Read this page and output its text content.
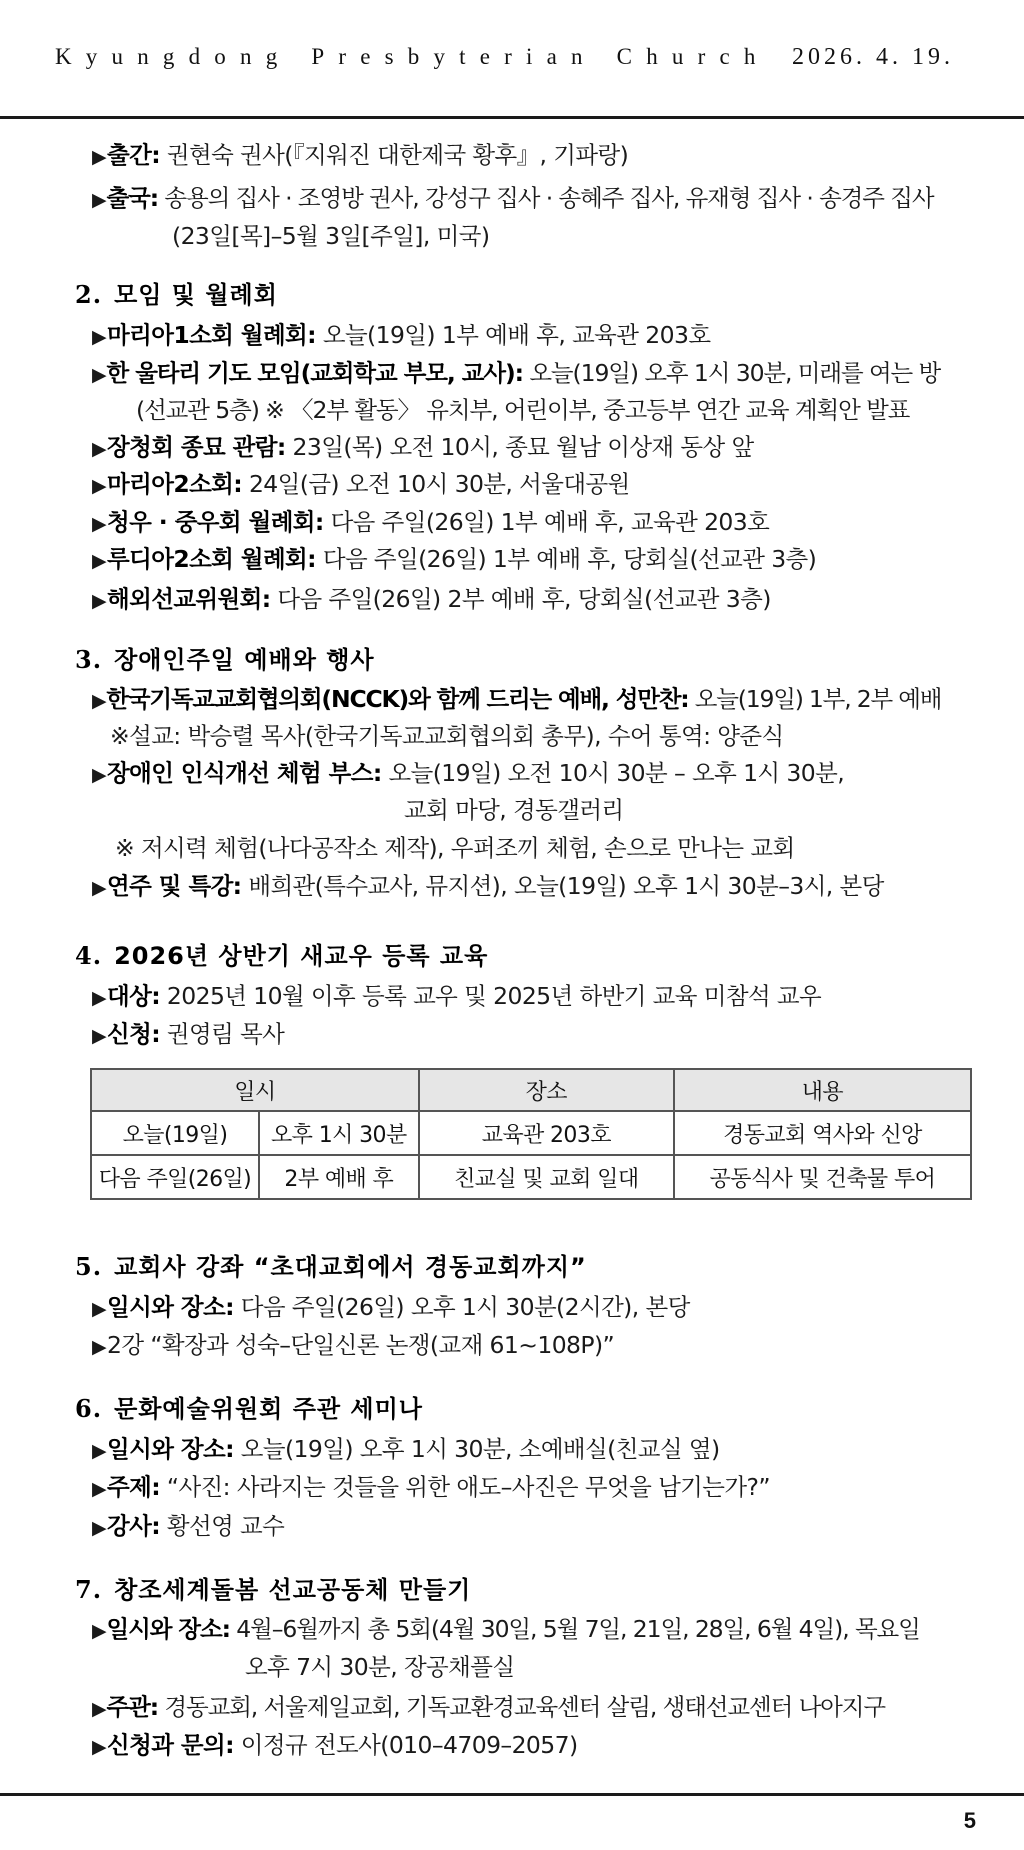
Kyungdong Presbyterian Church 2026. 4. 19.
▶출간: 권현숙 권사(『지워진 대한제국 황후』, 기파랑)
▶출국: 송용의 집사 · 조영방 권사, 강성구 집사 · 송혜주 집사, 유재형 집사 · 송경주 집사
(23일[목]–5월 3일[주일], 미국)
2. 모임 및 월례회
▶마리아1소회 월례회: 오늘(19일) 1부 예배 후, 교육관 203호
▶한 울타리 기도 모임(교회학교 부모, 교사): 오늘(19일) 오후 1시 30분, 미래를 여는 방
(선교관 5층) ※ 〈2부 활동〉 유치부, 어린이부, 중고등부 연간 교육 계획안 발표
▶장청회 종묘 관람: 23일(목) 오전 10시, 종묘 월남 이상재 동상 앞
▶마리아2소회: 24일(금) 오전 10시 30분, 서울대공원
▶청우 · 중우회 월례회: 다음 주일(26일) 1부 예배 후, 교육관 203호
▶루디아2소회 월례회: 다음 주일(26일) 1부 예배 후, 당회실(선교관 3층)
▶해외선교위원회: 다음 주일(26일) 2부 예배 후, 당회실(선교관 3층)
3. 장애인주일 예배와 행사
▶한국기독교교회협의회(NCCK)와 함께 드리는 예배, 성만찬: 오늘(19일) 1부, 2부 예배
※설교: 박승렬 목사(한국기독교교회협의회 총무), 수어 통역: 양준식
▶장애인 인식개선 체험 부스: 오늘(19일) 오전 10시 30분 – 오후 1시 30분,
교회 마당, 경동갤러리
※ 저시력 체험(나다공작소 제작), 우퍼조끼 체험, 손으로 만나는 교회
▶연주 및 특강: 배희관(특수교사, 뮤지션), 오늘(19일) 오후 1시 30분–3시, 본당
4. 2026년 상반기 새교우 등록 교육
▶대상: 2025년 10월 이후 등록 교우 및 2025년 하반기 교육 미참석 교우
▶신청: 권영림 목사
일시		장소	내용
오늘(19일)	오후 1시 30분	교육관 203호	경동교회 역사와 신앙
다음 주일(26일)	2부 예배 후	친교실 및 교회 일대	공동식사 및 건축물 투어
5. 교회사 강좌 “초대교회에서 경동교회까지”
▶일시와 장소: 다음 주일(26일) 오후 1시 30분(2시간), 본당
▶2강 “확장과 성숙–단일신론 논쟁(교재 61~108P)”
6. 문화예술위원회 주관 세미나
▶일시와 장소: 오늘(19일) 오후 1시 30분, 소예배실(친교실 옆)
▶주제: “사진: 사라지는 것들을 위한 애도–사진은 무엇을 남기는가?”
▶강사: 황선영 교수
7. 창조세계돌봄 선교공동체 만들기
▶일시와 장소: 4월–6월까지 총 5회(4월 30일, 5월 7일, 21일, 28일, 6월 4일), 목요일
오후 7시 30분, 장공채플실
▶주관: 경동교회, 서울제일교회, 기독교환경교육센터 살림, 생태선교센터 나아지구
▶신청과 문의: 이정규 전도사(010–4709–2057)
5
